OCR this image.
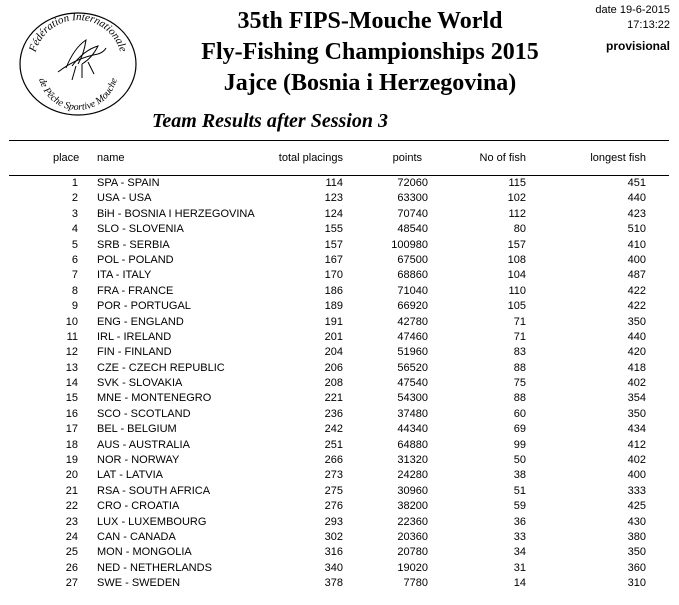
Fédération Internationale
de Pêche Sportive Mouche
35th FIPS-Mouche World
Fly-Fishing Championships 2015
Jajce (Bosnia i Herzegovina)
date 19-6-2015
17:13:22
provisional
Team Results after Session 3
place name	total placings	points	No of fish	longest fish
1 SPA - SPAIN	114	72060	115	451
2 USA - USA	123	63300	102	440
3 BiH - BOSNIA I HERZEGOVINA	124	70740	112	423
4 SLO - SLOVENIA	155	48540	80	510
5 SRB - SERBIA	157	100980	157	410
6 POL - POLAND	167	67500	108	400
7 ITA - ITALY	170	68860	104	487
8 FRA - FRANCE	186	71040	110	422
9 POR - PORTUGAL	189	66920	105	422
10 ENG - ENGLAND	191	42780	71	350
11 IRL - IRELAND	201	47460	71	440
12 FIN - FINLAND	204	51960	83	420
13 CZE - CZECH REPUBLIC	206	56520	88	418
14 SVK - SLOVAKIA	208	47540	75	402
15 MNE - MONTENEGRO	221	54300	88	354
16 SCO - SCOTLAND	236	37480	60	350
17 BEL - BELGIUM	242	44340	69	434
18 AUS - AUSTRALIA	251	64880	99	412
19 NOR - NORWAY	266	31320	50	402
20 LAT - LATVIA	273	24280	38	400
21 RSA - SOUTH AFRICA	275	30960	51	333
22 CRO - CROATIA	276	38200	59	425
23 LUX - LUXEMBOURG	293	22360	36	430
24 CAN - CANADA	302	20360	33	380
25 MON - MONGOLIA	316	20780	34	350
26 NED - NETHERLANDS	340	19020	31	360
27 SWE - SWEDEN	378	7780	14	310
